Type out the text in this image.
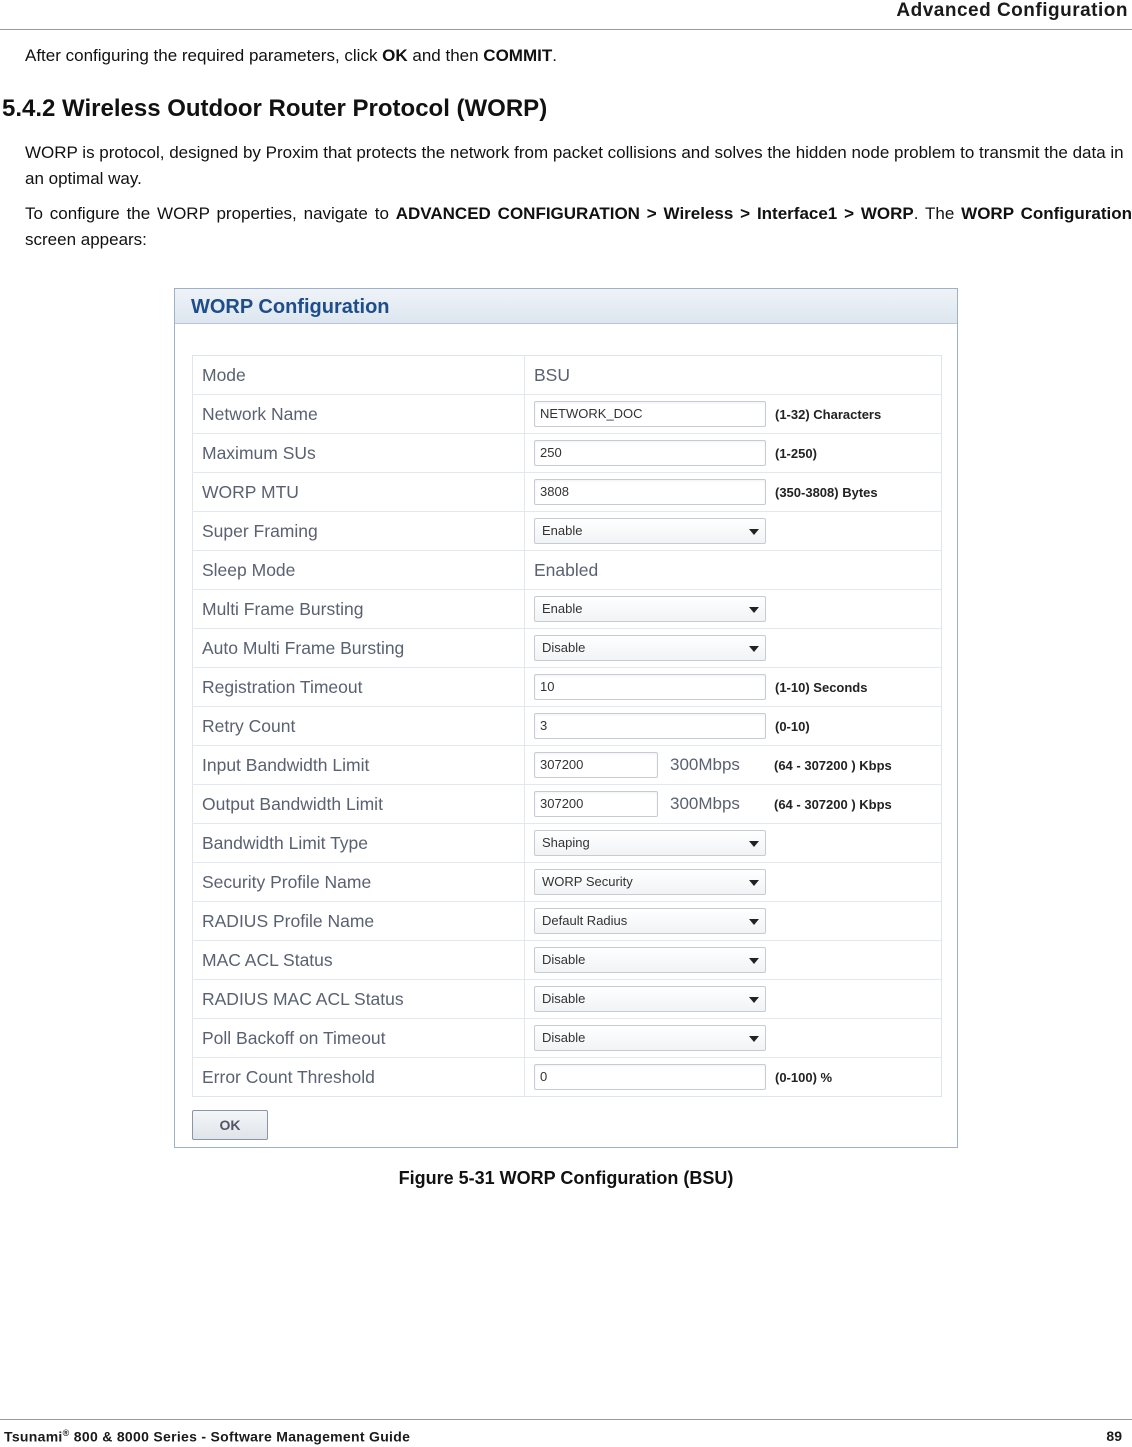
Advanced Configuration

After configuring the required parameters, click OK and then COMMIT.

5.4.2 Wireless Outdoor Router Protocol (WORP)

WORP is protocol, designed by Proxim that protects the network from packet collisions and solves the hidden node problem to transmit the data in an optimal way.

To configure the WORP properties, navigate to ADVANCED CONFIGURATION > Wireless > Interface1 > WORP. The WORP Configuration screen appears:

WORP Configuration
Mode	BSU
Network Name	NETWORK_DOC (1-32) Characters
Maximum SUs	250 (1-250)
WORP MTU	3808 (350-3808) Bytes
Super Framing	Enable

Sleep Mode	Enabled
Multi Frame Bursting	Enable

Auto Multi Frame Bursting	Disable

Registration Timeout	10 (1-10) Seconds
Retry Count	3 (0-10)
Input Bandwidth Limit	307200 300Mbps (64 - 307200 ) Kbps
Output Bandwidth Limit	307200 300Mbps (64 - 307200 ) Kbps
Bandwidth Limit Type	Shaping

Security Profile Name	WORP Security

RADIUS Profile Name	Default Radius

MAC ACL Status	Disable

RADIUS MAC ACL Status	Disable

Poll Backoff on Timeout	Disable

Error Count Threshold	0 (0-100) %
OK
Figure 5-31 WORP Configuration (BSU)
Tsunami® 800 & 8000 Series - Software Management Guide	89
